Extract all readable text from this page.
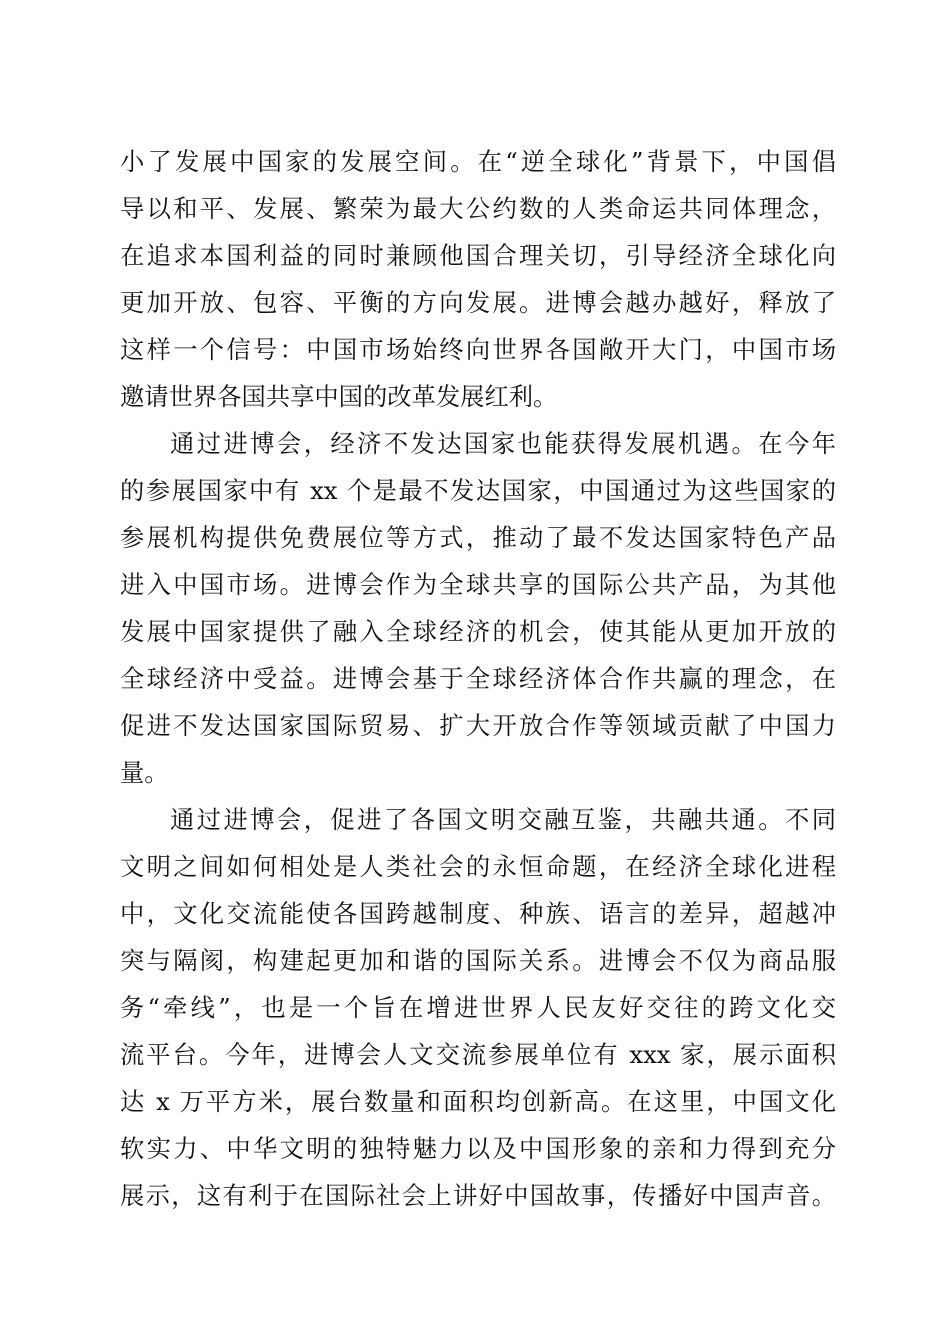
小了发展中国家的发展空间。在“逆全球化”背景下，中国倡
导以和平、发展、繁荣为最大公约数的人类命运共同体理念，
在追求本国利益的同时兼顾他国合理关切，引导经济全球化向
更加开放、包容、平衡的方向发展。进博会越办越好，释放了
这样一个信号：中国市场始终向世界各国敞开大门，中国市场
邀请世界各国共享中国的改革发展红利。
通过进博会，经济不发达国家也能获得发展机遇。在今年
的参展国家中有 xx 个是最不发达国家，中国通过为这些国家的
参展机构提供免费展位等方式，推动了最不发达国家特色产品
进入中国市场。进博会作为全球共享的国际公共产品，为其他
发展中国家提供了融入全球经济的机会，使其能从更加开放的
全球经济中受益。进博会基于全球经济体合作共赢的理念，在
促进不发达国家国际贸易、扩大开放合作等领域贡献了中国力
量。
通过进博会，促进了各国文明交融互鉴，共融共通。不同
文明之间如何相处是人类社会的永恒命题，在经济全球化进程
中，文化交流能使各国跨越制度、种族、语言的差异，超越冲
突与隔阂，构建起更加和谐的国际关系。进博会不仅为商品服
务“牵线”，也是一个旨在增进世界人民友好交往的跨文化交
流平台。今年，进博会人文交流参展单位有 xxx 家，展示面积
达 x 万平方米，展台数量和面积均创新高。在这里，中国文化
软实力、中华文明的独特魅力以及中国形象的亲和力得到充分
展示，这有利于在国际社会上讲好中国故事，传播好中国声音。
